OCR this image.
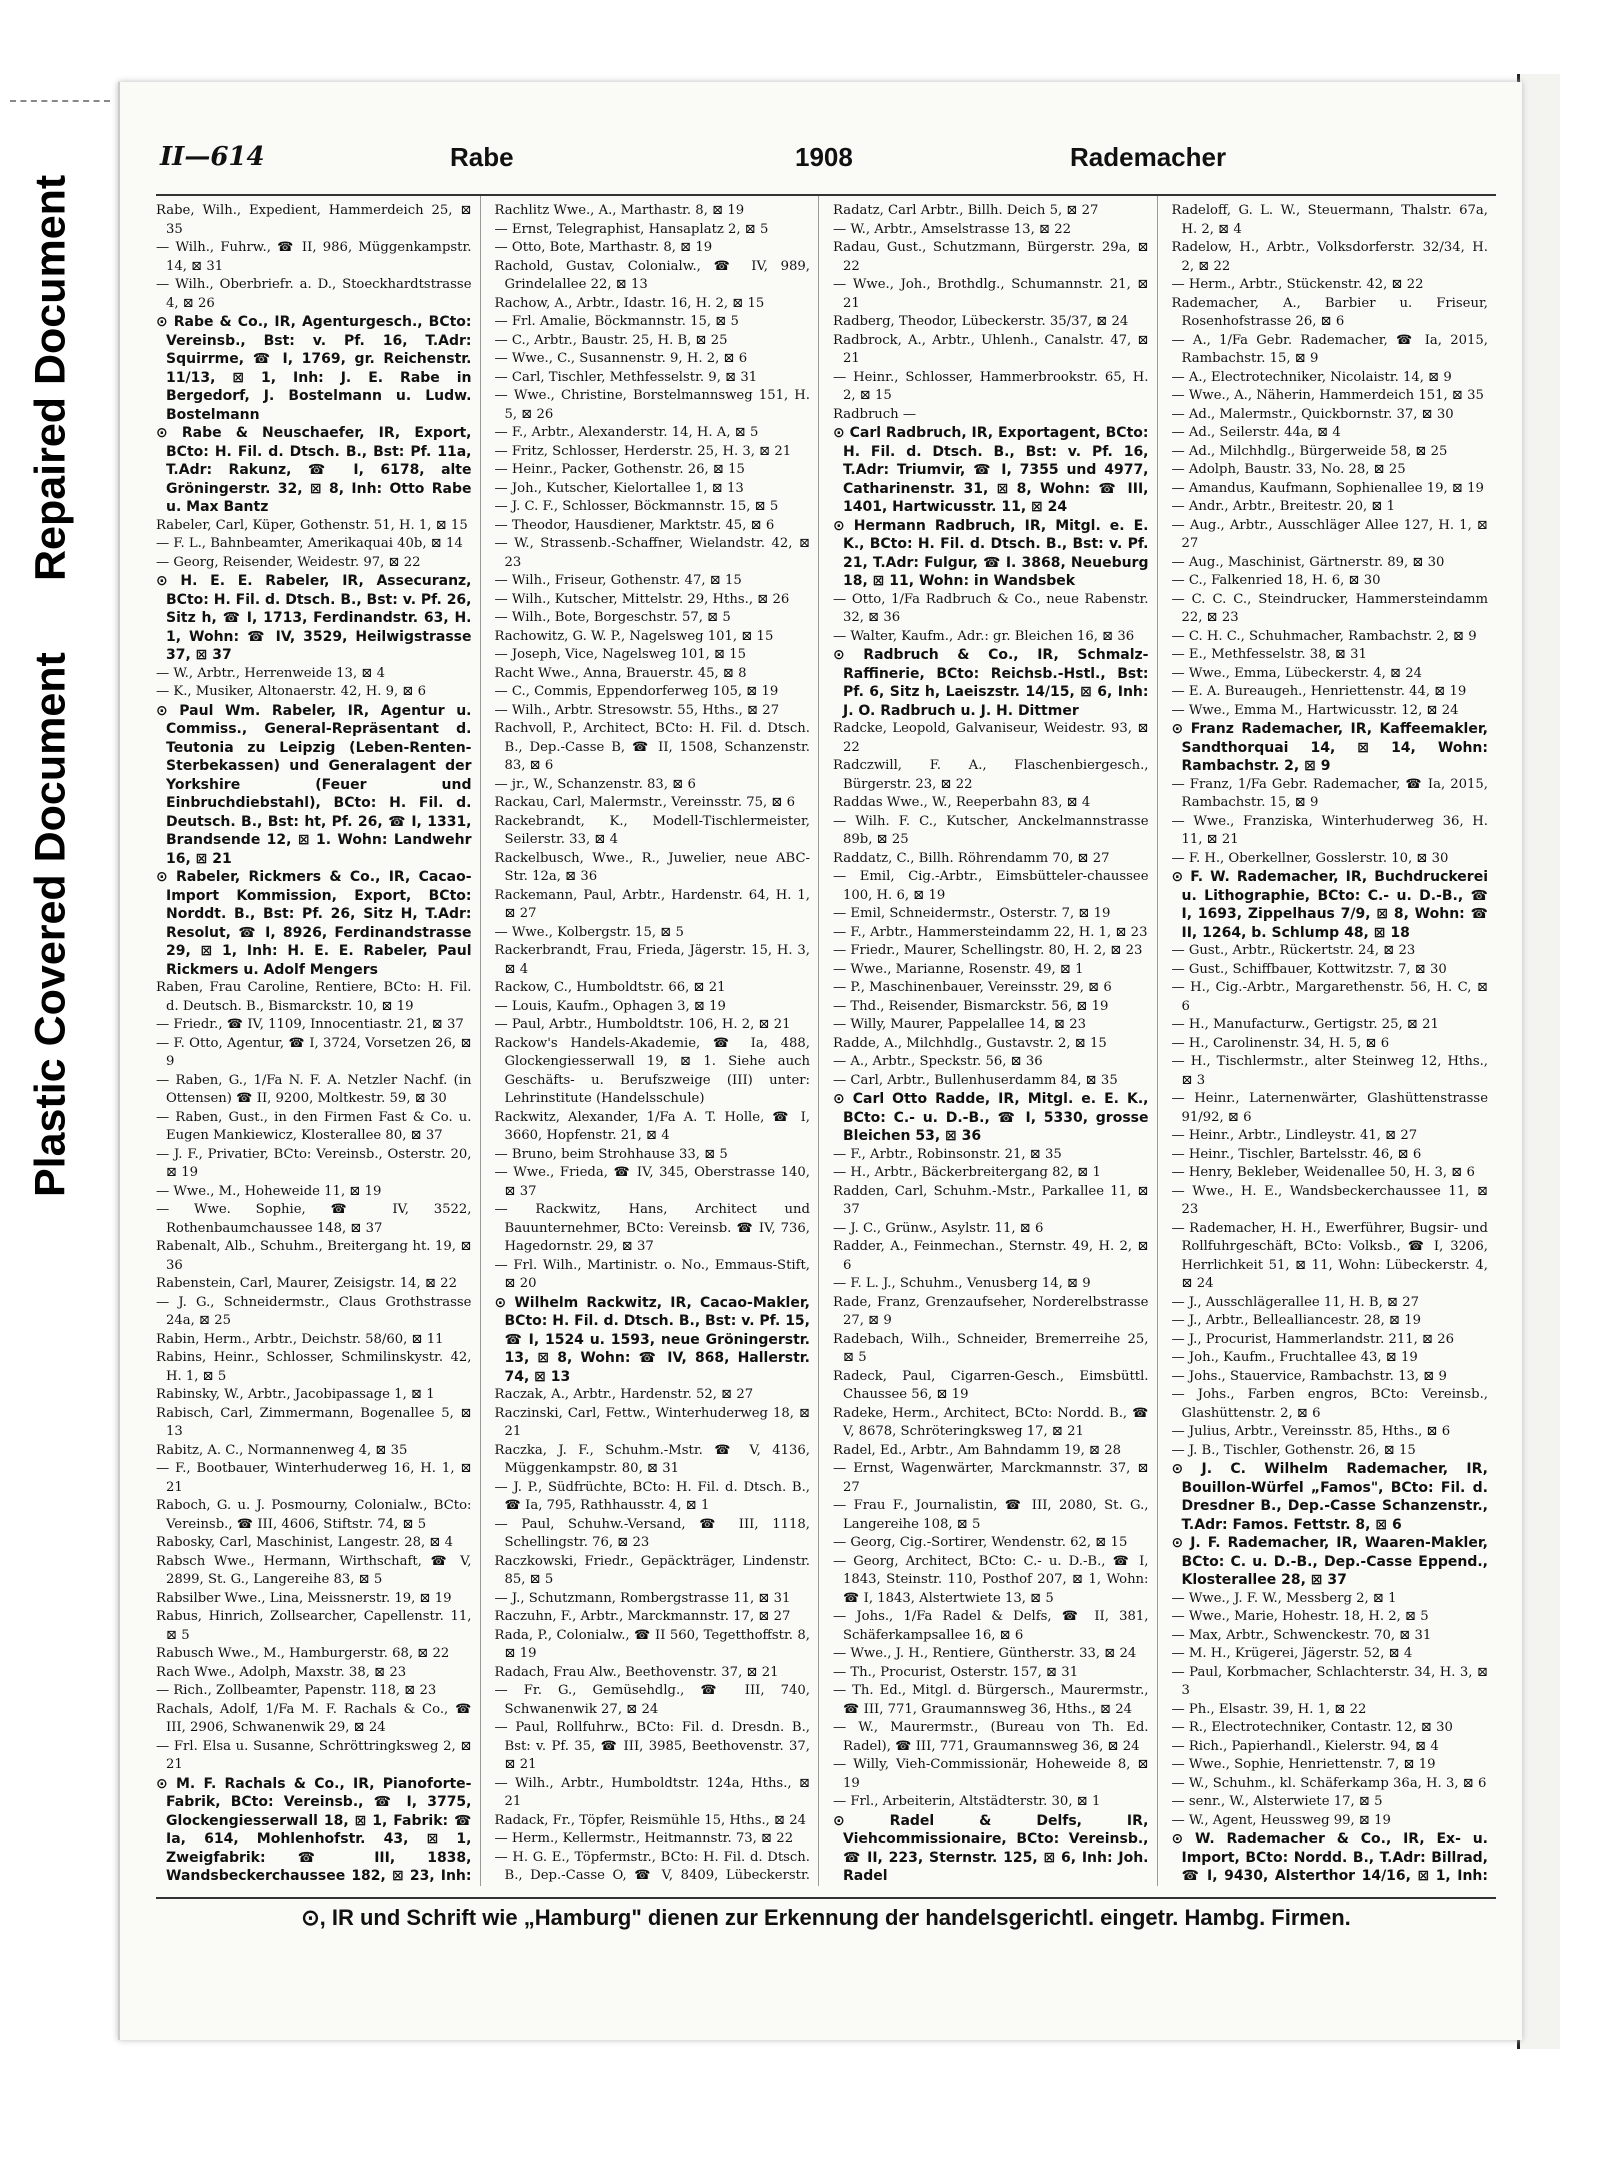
Repaired Document
Plastic Covered Document
II—614	Rabe	1908	Rademacher

Rabe, Wilh., Expedient, Hammerdeich 25, ⊠ 35

— Wilh., Fuhrw., ☎ II, 986, Müggenkampstr. 14, ⊠ 31

— Wilh., Oberbriefr. a. D., Stoeckhardtstrasse 4, ⊠ 26

⊙ Rabe & Co., IR, Agenturgesch., BCto: Vereinsb., Bst: v. Pf. 16, T.Adr: Squirrme, ☎ I, 1769, gr. Reichenstr. 11/13, ⊠ 1, Inh: J. E. Rabe in Bergedorf, J. Bostelmann u. Ludw. Bostelmann

⊙ Rabe & Neuschaefer, IR, Export, BCto: H. Fil. d. Dtsch. B., Bst: Pf. 11a, T.Adr: Rakunz, ☎ I, 6178, alte Gröningerstr. 32, ⊠ 8, Inh: Otto Rabe u. Max Bantz

Rabeler, Carl, Küper, Gothenstr. 51, H. 1, ⊠ 15

— F. L., Bahnbeamter, Amerikaquai 40b, ⊠ 14

— Georg, Reisender, Weidestr. 97, ⊠ 22

⊙ H. E. E. Rabeler, IR, Assecuranz, BCto: H. Fil. d. Dtsch. B., Bst: v. Pf. 26, Sitz h, ☎ I, 1713, Ferdinandstr. 63, H. 1, Wohn: ☎ IV, 3529, Heilwigstrasse 37, ⊠ 37

— W., Arbtr., Herrenweide 13, ⊠ 4

— K., Musiker, Altonaerstr. 42, H. 9, ⊠ 6

⊙ Paul Wm. Rabeler, IR, Agentur u. Commiss., General-Repräsentant d. Teutonia zu Leipzig (Leben-Renten-Sterbekassen) und Generalagent der Yorkshire (Feuer und Einbruchdiebstahl), BCto: H. Fil. d. Deutsch. B., Bst: ht, Pf. 26, ☎ I, 1331, Brandsende 12, ⊠ 1. Wohn: Landwehr 16, ⊠ 21

⊙ Rabeler, Rickmers & Co., IR, Cacao-Import Kommission, Export, BCto: Norddt. B., Bst: Pf. 26, Sitz H, T.Adr: Resolut, ☎ I, 8926, Ferdinandstrasse 29, ⊠ 1, Inh: H. E. E. Rabeler, Paul Rickmers u. Adolf Mengers

Raben, Frau Caroline, Rentiere, BCto: H. Fil. d. Deutsch. B., Bismarckstr. 10, ⊠ 19

— Friedr., ☎ IV, 1109, Innocentiastr. 21, ⊠ 37

— F. Otto, Agentur, ☎ I, 3724, Vorsetzen 26, ⊠ 9

— Raben, G., 1/Fa N. F. A. Netzler Nachf. (in Ottensen) ☎ II, 9200, Moltkestr. 59, ⊠ 30

— Raben, Gust., in den Firmen Fast & Co. u. Eugen Mankiewicz, Klosterallee 80, ⊠ 37

— J. F., Privatier, BCto: Vereinsb., Osterstr. 20, ⊠ 19

— Wwe., M., Hoheweide 11, ⊠ 19

— Wwe. Sophie, ☎ IV, 3522, Rothenbaumchaussee 148, ⊠ 37

Rabenalt, Alb., Schuhm., Breitergang ht. 19, ⊠ 36

Rabenstein, Carl, Maurer, Zeisigstr. 14, ⊠ 22

— J. G., Schneidermstr., Claus Grothstrasse 24a, ⊠ 25

Rabin, Herm., Arbtr., Deichstr. 58/60, ⊠ 11

Rabins, Heinr., Schlosser, Schmilinskystr. 42, H. 1, ⊠ 5

Rabinsky, W., Arbtr., Jacobipassage 1, ⊠ 1

Rabisch, Carl, Zimmermann, Bogenallee 5, ⊠ 13

Rabitz, A. C., Normannenweg 4, ⊠ 35

— F., Bootbauer, Winterhuderweg 16, H. 1, ⊠ 21

Raboch, G. u. J. Posmourny, Colonialw., BCto: Vereinsb., ☎ III, 4606, Stiftstr. 74, ⊠ 5

Rabosky, Carl, Maschinist, Langestr. 28, ⊠ 4

Rabsch Wwe., Hermann, Wirthschaft, ☎ V, 2899, St. G., Langereihe 83, ⊠ 5

Rabsilber Wwe., Lina, Meissnerstr. 19, ⊠ 19

Rabus, Hinrich, Zollsearcher, Capellenstr. 11, ⊠ 5

Rabusch Wwe., M., Hamburgerstr. 68, ⊠ 22

Rach Wwe., Adolph, Maxstr. 38, ⊠ 23

— Rich., Zollbeamter, Papenstr. 118, ⊠ 23

Rachals, Adolf, 1/Fa M. F. Rachals & Co., ☎ III, 2906, Schwanenwik 29, ⊠ 24

— Frl. Elsa u. Susanne, Schröttringksweg 2, ⊠ 21

⊙ M. F. Rachals & Co., IR, Pianoforte-Fabrik, BCto: Vereinsb., ☎ I, 3775, Glockengiesserwall 18, ⊠ 1, Fabrik: ☎ Ia, 614, Mohlenhofstr. 43, ⊠ 1, Zweigfabrik: ☎ III, 1838, Wandsbeckerchaussee 182, ⊠ 23, Inh:

Rachlitz Wwe., A., Marthastr. 8, ⊠ 19

— Ernst, Telegraphist, Hansaplatz 2, ⊠ 5

— Otto, Bote, Marthastr. 8, ⊠ 19

Rachold, Gustav, Colonialw., ☎ IV, 989, Grindelallee 22, ⊠ 13

Rachow, A., Arbtr., Idastr. 16, H. 2, ⊠ 15

— Frl. Amalie, Böckmannstr. 15, ⊠ 5

— C., Arbtr., Baustr. 25, H. B, ⊠ 25

— Wwe., C., Susannenstr. 9, H. 2, ⊠ 6

— Carl, Tischler, Methfesselstr. 9, ⊠ 31

— Wwe., Christine, Borstelmannsweg 151, H. 5, ⊠ 26

— F., Arbtr., Alexanderstr. 14, H. A, ⊠ 5

— Fritz, Schlosser, Herderstr. 25, H. 3, ⊠ 21

— Heinr., Packer, Gothenstr. 26, ⊠ 15

— Joh., Kutscher, Kielortallee 1, ⊠ 13

— J. C. F., Schlosser, Böckmannstr. 15, ⊠ 5

— Theodor, Hausdiener, Marktstr. 45, ⊠ 6

— W., Strassenb.-Schaffner, Wielandstr. 42, ⊠ 23

— Wilh., Friseur, Gothenstr. 47, ⊠ 15

— Wilh., Kutscher, Mittelstr. 29, Hths., ⊠ 26

— Wilh., Bote, Borgeschstr. 57, ⊠ 5

Rachowitz, G. W. P., Nagelsweg 101, ⊠ 15

— Joseph, Vice, Nagelsweg 101, ⊠ 15

Racht Wwe., Anna, Brauerstr. 45, ⊠ 8

— C., Commis, Eppendorferweg 105, ⊠ 19

— Wilh., Arbtr. Stresowstr. 55, Hths., ⊠ 27

Rachvoll, P., Architect, BCto: H. Fil. d. Dtsch. B., Dep.-Casse B, ☎ II, 1508, Schanzenstr. 83, ⊠ 6

— jr., W., Schanzenstr. 83, ⊠ 6

Rackau, Carl, Malermstr., Vereinsstr. 75, ⊠ 6

Rackebrandt, K., Modell-Tischlermeister, Seilerstr. 33, ⊠ 4

Rackelbusch, Wwe., R., Juwelier, neue ABC-Str. 12a, ⊠ 36

Rackemann, Paul, Arbtr., Hardenstr. 64, H. 1, ⊠ 27

— Wwe., Kolbergstr. 15, ⊠ 5

Rackerbrandt, Frau, Frieda, Jägerstr. 15, H. 3, ⊠ 4

Rackow, C., Humboldtstr. 66, ⊠ 21

— Louis, Kaufm., Ophagen 3, ⊠ 19

— Paul, Arbtr., Humboldtstr. 106, H. 2, ⊠ 21

Rackow's Handels-Akademie, ☎ Ia, 488, Glockengiesserwall 19, ⊠ 1. Siehe auch Geschäfts- u. Berufszweige (III) unter: Lehrinstitute (Handelsschule)

Rackwitz, Alexander, 1/Fa A. T. Holle, ☎ I, 3660, Hopfenstr. 21, ⊠ 4

— Bruno, beim Strohhause 33, ⊠ 5

— Wwe., Frieda, ☎ IV, 345, Oberstrasse 140, ⊠ 37

— Rackwitz, Hans, Architect und Bauunternehmer, BCto: Vereinsb. ☎ IV, 736, Hagedornstr. 29, ⊠ 37

— Frl. Wilh., Martinistr. o. No., Emmaus-Stift, ⊠ 20

⊙ Wilhelm Rackwitz, IR, Cacao-Makler, BCto: H. Fil. d. Dtsch. B., Bst: v. Pf. 15, ☎ I, 1524 u. 1593, neue Gröningerstr. 13, ⊠ 8, Wohn: ☎ IV, 868, Hallerstr. 74, ⊠ 13

Raczak, A., Arbtr., Hardenstr. 52, ⊠ 27

Raczinski, Carl, Fettw., Winterhuderweg 18, ⊠ 21

Raczka, J. F., Schuhm.-Mstr. ☎ V, 4136, Müggenkampstr. 80, ⊠ 31

— J. P., Südfrüchte, BCto: H. Fil. d. Dtsch. B., ☎ Ia, 795, Rathhausstr. 4, ⊠ 1

— Paul, Schuhw.-Versand, ☎ III, 1118, Schellingstr. 76, ⊠ 23

Raczkowski, Friedr., Gepäckträger, Lindenstr. 85, ⊠ 5

— J., Schutzmann, Rombergstrasse 11, ⊠ 31

Raczuhn, F., Arbtr., Marckmannstr. 17, ⊠ 27

Rada, P., Colonialw., ☎ II 560, Tegetthoffstr. 8, ⊠ 19

Radach, Frau Alw., Beethovenstr. 37, ⊠ 21

— Fr. G., Gemüsehdlg., ☎ III, 740, Schwanenwik 27, ⊠ 24

— Paul, Rollfuhrw., BCto: Fil. d. Dresdn. B., Bst: v. Pf. 35, ☎ III, 3985, Beethovenstr. 37, ⊠ 21

— Wilh., Arbtr., Humboldtstr. 124a, Hths., ⊠ 21

Radack, Fr., Töpfer, Reismühle 15, Hths., ⊠ 24

— Herm., Kellermstr., Heitmannstr. 73, ⊠ 22

— H. G. E., Töpfermstr., BCto: H. Fil. d. Dtsch. B., Dep.-Casse O, ☎ V, 8409, Lübeckerstr.

Radatz, Carl Arbtr., Billh. Deich 5, ⊠ 27

— W., Arbtr., Amselstrasse 13, ⊠ 22

Radau, Gust., Schutzmann, Bürgerstr. 29a, ⊠ 22

— Wwe., Joh., Brothdlg., Schumannstr. 21, ⊠ 21

Radberg, Theodor, Lübeckerstr. 35/37, ⊠ 24

Radbrock, A., Arbtr., Uhlenh., Canalstr. 47, ⊠ 21

— Heinr., Schlosser, Hammerbrookstr. 65, H. 2, ⊠ 15

Radbruch —

⊙ Carl Radbruch, IR, Exportagent, BCto: H. Fil. d. Dtsch. B., Bst: v. Pf. 16, T.Adr: Triumvir, ☎ I, 7355 und 4977, Catharinenstr. 31, ⊠ 8, Wohn: ☎ III, 1401, Hartwicusstr. 11, ⊠ 24

⊙ Hermann Radbruch, IR, Mitgl. e. E. K., BCto: H. Fil. d. Dtsch. B., Bst: v. Pf. 21, T.Adr: Fulgur, ☎ I. 3868, Neueburg 18, ⊠ 11, Wohn: in Wandsbek

— Otto, 1/Fa Radbruch & Co., neue Rabenstr. 32, ⊠ 36

— Walter, Kaufm., Adr.: gr. Bleichen 16, ⊠ 36

⊙ Radbruch & Co., IR, Schmalz-Raffinerie, BCto: Reichsb.-Hstl., Bst: Pf. 6, Sitz h, Laeiszstr. 14/15, ⊠ 6, Inh: J. O. Radbruch u. J. H. Dittmer

Radcke, Leopold, Galvaniseur, Weidestr. 93, ⊠ 22

Radczwill, F. A., Flaschenbiergesch., Bürgerstr. 23, ⊠ 22

Raddas Wwe., W., Reeperbahn 83, ⊠ 4

— Wilh. F. C., Kutscher, Anckelmannstrasse 89b, ⊠ 25

Raddatz, C., Billh. Röhrendamm 70, ⊠ 27

— Emil, Cig.-Arbtr., Eimsbütteler-chaussee 100, H. 6, ⊠ 19

— Emil, Schneidermstr., Osterstr. 7, ⊠ 19

— F., Arbtr., Hammersteindamm 22, H. 1, ⊠ 23

— Friedr., Maurer, Schellingstr. 80, H. 2, ⊠ 23

— Wwe., Marianne, Rosenstr. 49, ⊠ 1

— P., Maschinenbauer, Vereinsstr. 29, ⊠ 6

— Thd., Reisender, Bismarckstr. 56, ⊠ 19

— Willy, Maurer, Pappelallee 14, ⊠ 23

Radde, A., Milchhdlg., Gustavstr. 2, ⊠ 15

— A., Arbtr., Speckstr. 56, ⊠ 36

— Carl, Arbtr., Bullenhuserdamm 84, ⊠ 35

⊙ Carl Otto Radde, IR, Mitgl. e. E. K., BCto: C.- u. D.-B., ☎ I, 5330, grosse Bleichen 53, ⊠ 36

— F., Arbtr., Robinsonstr. 21, ⊠ 35

— H., Arbtr., Bäckerbreitergang 82, ⊠ 1

Radden, Carl, Schuhm.-Mstr., Parkallee 11, ⊠ 37

— J. C., Grünw., Asylstr. 11, ⊠ 6

Radder, A., Feinmechan., Sternstr. 49, H. 2, ⊠ 6

— F. L. J., Schuhm., Venusberg 14, ⊠ 9

Rade, Franz, Grenzaufseher, Norderelbstrasse 27, ⊠ 9

Radebach, Wilh., Schneider, Bremerreihe 25, ⊠ 5

Radeck, Paul, Cigarren-Gesch., Eimsbüttl. Chaussee 56, ⊠ 19

Radeke, Herm., Architect, BCto: Nordd. B., ☎ V, 8678, Schröteringksweg 17, ⊠ 21

Radel, Ed., Arbtr., Am Bahndamm 19, ⊠ 28

— Ernst, Wagenwärter, Marckmannstr. 37, ⊠ 27

— Frau F., Journalistin, ☎ III, 2080, St. G., Langereihe 108, ⊠ 5

— Georg, Cig.-Sortirer, Wendenstr. 62, ⊠ 15

— Georg, Architect, BCto: C.- u. D.-B., ☎ I, 1843, Steinstr. 110, Posthof 207, ⊠ 1, Wohn: ☎ I, 1843, Alstertwiete 13, ⊠ 5

— Johs., 1/Fa Radel & Delfs, ☎ II, 381, Schäferkampsallee 16, ⊠ 6

— Wwe., J. H., Rentiere, Güntherstr. 33, ⊠ 24

— Th., Procurist, Osterstr. 157, ⊠ 31

— Th. Ed., Mitgl. d. Bürgersch., Maurermstr., ☎ III, 771, Graumannsweg 36, Hths., ⊠ 24

— W., Maurermstr., (Bureau von Th. Ed. Radel), ☎ III, 771, Graumannsweg 36, ⊠ 24

— Willy, Vieh-Commissionär, Hoheweide 8, ⊠ 19

— Frl., Arbeiterin, Altstädterstr. 30, ⊠ 1

⊙ Radel & Delfs, IR, Viehcommissionaire, BCto: Vereinsb., ☎ II, 223, Sternstr. 125, ⊠ 6, Inh: Joh. Radel

Radeloff, G. L. W., Steuermann, Thalstr. 67a, H. 2, ⊠ 4

Radelow, H., Arbtr., Volksdorferstr. 32/34, H. 2, ⊠ 22

— Herm., Arbtr., Stückenstr. 42, ⊠ 22

Rademacher, A., Barbier u. Friseur, Rosenhofstrasse 26, ⊠ 6

— A., 1/Fa Gebr. Rademacher, ☎ Ia, 2015, Rambachstr. 15, ⊠ 9

— A., Electrotechniker, Nicolaistr. 14, ⊠ 9

— Wwe., A., Näherin, Hammerdeich 151, ⊠ 35

— Ad., Malermstr., Quickbornstr. 37, ⊠ 30

— Ad., Seilerstr. 44a, ⊠ 4

— Ad., Milchhdlg., Bürgerweide 58, ⊠ 25

— Adolph, Baustr. 33, No. 28, ⊠ 25

— Amandus, Kaufmann, Sophienallee 19, ⊠ 19

— Andr., Arbtr., Breitestr. 20, ⊠ 1

— Aug., Arbtr., Ausschläger Allee 127, H. 1, ⊠ 27

— Aug., Maschinist, Gärtnerstr. 89, ⊠ 30

— C., Falkenried 18, H. 6, ⊠ 30

— C. C. C., Steindrucker, Hammersteindamm 22, ⊠ 23

— C. H. C., Schuhmacher, Rambachstr. 2, ⊠ 9

— E., Methfesselstr. 38, ⊠ 31

— Wwe., Emma, Lübeckerstr. 4, ⊠ 24

— E. A. Bureaugeh., Henriettenstr. 44, ⊠ 19

— Wwe., Emma M., Hartwicusstr. 12, ⊠ 24

⊙ Franz Rademacher, IR, Kaffeemakler, Sandthorquai 14, ⊠ 14, Wohn: Rambachstr. 2, ⊠ 9

— Franz, 1/Fa Gebr. Rademacher, ☎ Ia, 2015, Rambachstr. 15, ⊠ 9

— Wwe., Franziska, Winterhuderweg 36, H. 11, ⊠ 21

— F. H., Oberkellner, Gosslerstr. 10, ⊠ 30

⊙ F. W. Rademacher, IR, Buchdruckerei u. Lithographie, BCto: C.- u. D.-B., ☎ I, 1693, Zippelhaus 7/9, ⊠ 8, Wohn: ☎ II, 1264, b. Schlump 48, ⊠ 18

— Gust., Arbtr., Rückertstr. 24, ⊠ 23

— Gust., Schiffbauer, Kottwitzstr. 7, ⊠ 30

— H., Cig.-Arbtr., Margarethenstr. 56, H. C, ⊠ 6

— H., Manufacturw., Gertigstr. 25, ⊠ 21

— H., Carolinenstr. 34, H. 5, ⊠ 6

— H., Tischlermstr., alter Steinweg 12, Hths., ⊠ 3

— Heinr., Laternenwärter, Glashüttenstrasse 91/92, ⊠ 6

— Heinr., Arbtr., Lindleystr. 41, ⊠ 27

— Heinr., Tischler, Bartelsstr. 46, ⊠ 6

— Henry, Bekleber, Weidenallee 50, H. 3, ⊠ 6

— Wwe., H. E., Wandsbeckerchaussee 11, ⊠ 23

— Rademacher, H. H., Ewerführer, Bugsir- und Rollfuhrgeschäft, BCto: Volksb., ☎ I, 3206, Herrlichkeit 51, ⊠ 11, Wohn: Lübeckerstr. 4, ⊠ 24

— J., Ausschlägerallee 11, H. B, ⊠ 27

— J., Arbtr., Bellealliancestr. 28, ⊠ 19

— J., Procurist, Hammerlandstr. 211, ⊠ 26

— Joh., Kaufm., Fruchtallee 43, ⊠ 19

— Johs., Stauervice, Rambachstr. 13, ⊠ 9

— Johs., Farben engros, BCto: Vereinsb., Glashüttenstr. 2, ⊠ 6

— Julius, Arbtr., Vereinsstr. 85, Hths., ⊠ 6

— J. B., Tischler, Gothenstr. 26, ⊠ 15

⊙ J. C. Wilhelm Rademacher, IR, Bouillon-Würfel „Famos", BCto: Fil. d. Dresdner B., Dep.-Casse Schanzenstr., T.Adr: Famos. Fettstr. 8, ⊠ 6

⊙ J. F. Rademacher, IR, Waaren-Makler, BCto: C. u. D.-B., Dep.-Casse Eppend., Klosterallee 28, ⊠ 37

— Wwe., J. F. W., Messberg 2, ⊠ 1

— Wwe., Marie, Hohestr. 18, H. 2, ⊠ 5

— Max, Arbtr., Schwenckestr. 70, ⊠ 31

— M. H., Krügerei, Jägerstr. 52, ⊠ 4

— Paul, Korbmacher, Schlachterstr. 34, H. 3, ⊠ 3

— Ph., Elsastr. 39, H. 1, ⊠ 22

— R., Electrotechniker, Contastr. 12, ⊠ 30

— Rich., Papierhandl., Kielerstr. 94, ⊠ 4

— Wwe., Sophie, Henriettenstr. 7, ⊠ 19

— W., Schuhm., kl. Schäferkamp 36a, H. 3, ⊠ 6

— senr., W., Alsterwiete 17, ⊠ 5

— W., Agent, Heussweg 99, ⊠ 19

⊙ W. Rademacher & Co., IR, Ex- u. Import, BCto: Nordd. B., T.Adr: Billrad, ☎ I, 9430, Alsterthor 14/16, ⊠ 1, Inh:

⊙, IR und Schrift wie „Hamburg" dienen zur Erkennung der handelsgerichtl. eingetr. Hambg. Firmen.
